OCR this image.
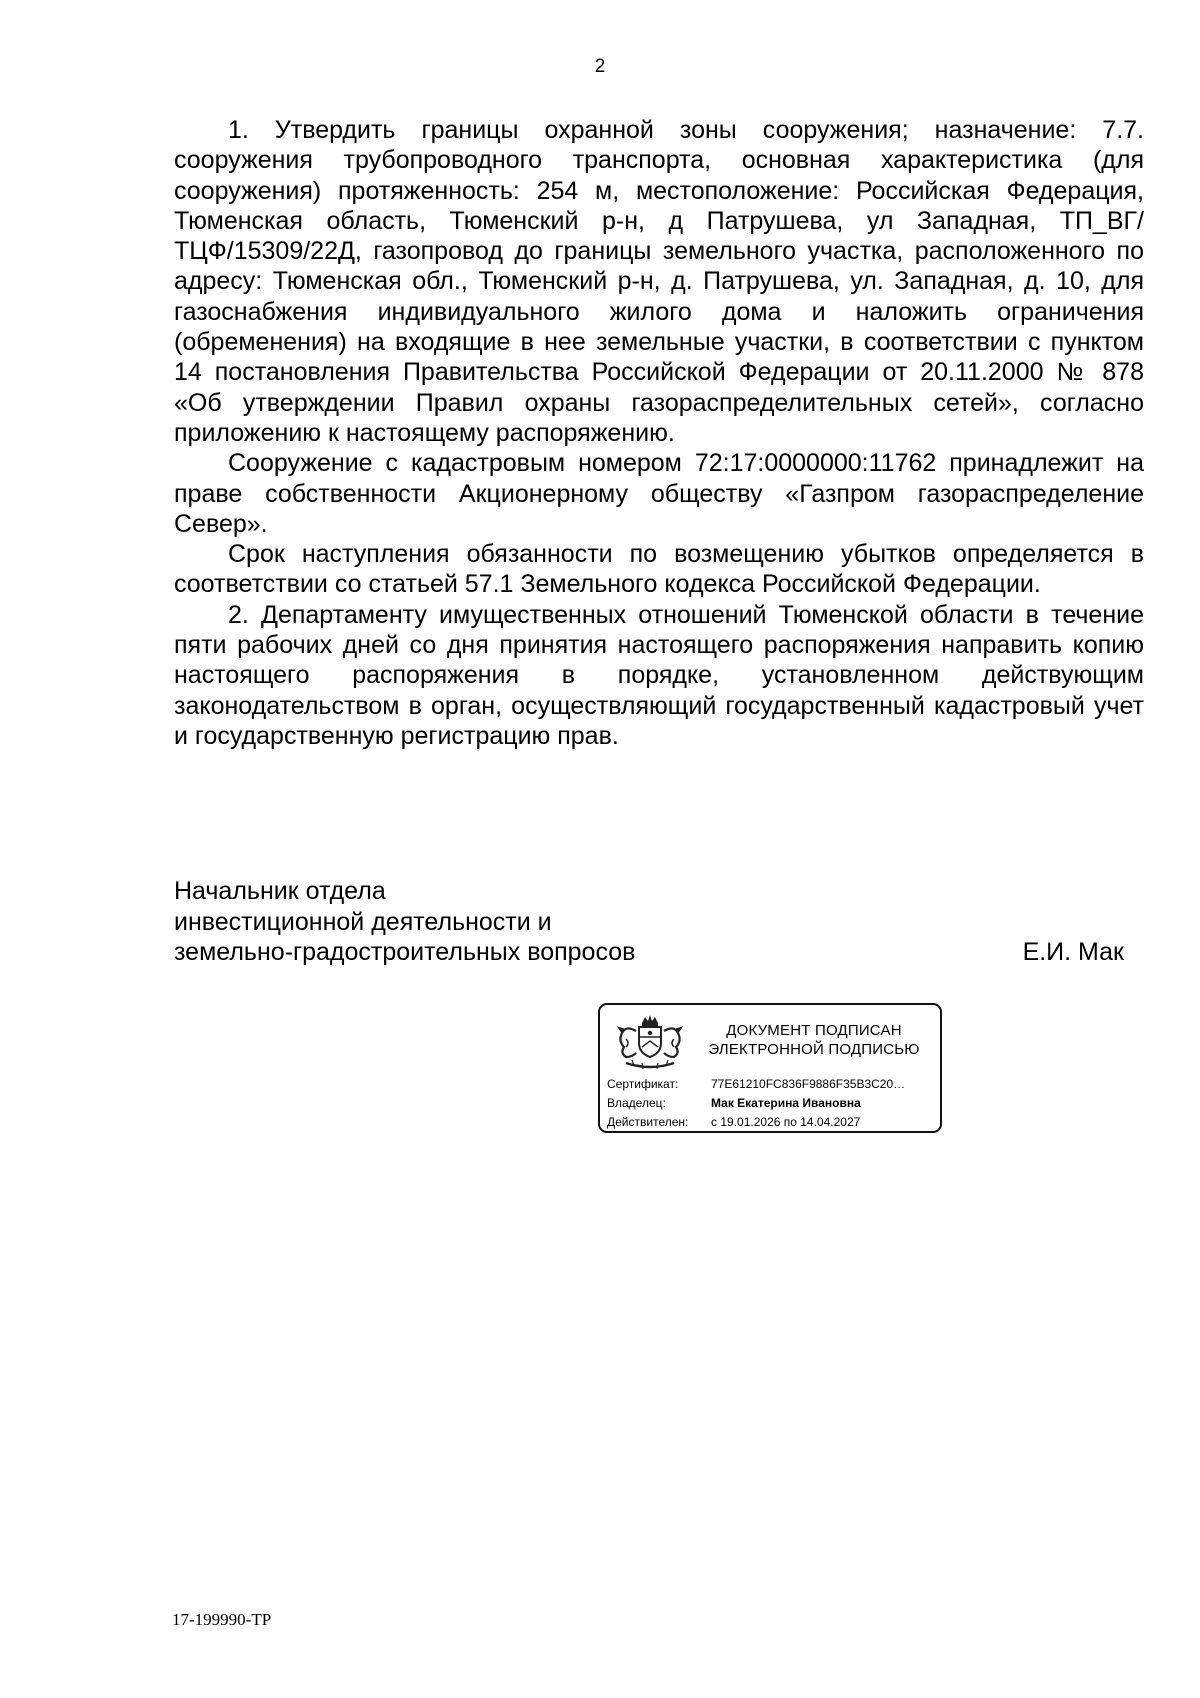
2

1. Утвердить границы охранной зоны сооружения; назначение: 7.7. сооружения трубопроводного транспорта, основная характеристика (для сооружения) протяженность: 254 м, местоположение: Российская Федерация, Тюменская область, Тюменский р-н, д Патрушева, ул Западная, ТП_ВГ/ТЦФ/15309/22Д, газопровод до границы земельного участка, расположенного по адресу: Тюменская обл., Тюменский р-н, д. Патрушева, ул. Западная, д. 10, для газоснабжения индивидуального жилого дома и наложить ограничения (обременения) на входящие в нее земельные участки, в соответствии с пунктом 14 постановления Правительства Российской Федерации от 20.11.2000 № 878 «Об утверждении Правил охраны газораспределительных сетей», согласно приложению к настоящему распоряжению.

Сооружение с кадастровым номером 72:17:0000000:11762 принадлежит на праве собственности Акционерному обществу «Газпром газораспределение Север».

Срок наступления обязанности по возмещению убытков определяется в соответствии со статьей 57.1 Земельного кодекса Российской Федерации.

2. Департаменту имущественных отношений Тюменской области в течение пяти рабочих дней со дня принятия настоящего распоряжения направить копию настоящего распоряжения в порядке, установленном действующим законодательством в орган, осуществляющий государственный кадастровый учет и государственную регистрацию прав.

Начальник отдела
инвестиционной деятельности и
земельно-градостроительных вопросов	Е.И. Мак
ДОКУМЕНТ ПОДПИСАН
ЭЛЕКТРОННОЙ ПОДПИСЬЮ
Сертификат:	77E61210FC836F9886F35B3C20…
Владелец:	Мак Екатерина Ивановна
Действителен:	с 19.01.2026 по 14.04.2027
17-199990-ТР
